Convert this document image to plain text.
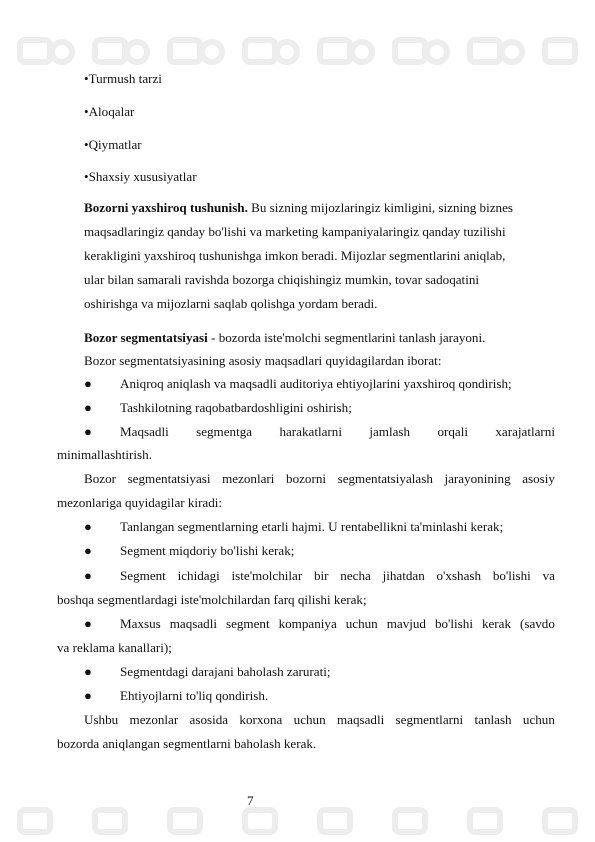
•Turmush tarzi
•Aloqalar
•Qiymatlar
•Shaxsiy xususiyatlar
Bozorni yaxshiroq tushunish. Bu sizning mijozlaringiz kimligini, sizning biznes
maqsadlaringiz qanday bo'lishi va marketing kampaniyalaringiz qanday tuzilishi
kerakligini yaxshiroq tushunishga imkon beradi. Mijozlar segmentlarini aniqlab,
ular bilan samarali ravishda bozorga chiqishingiz mumkin, tovar sadoqatini
oshirishga va mijozlarni saqlab qolishga yordam beradi.
Bozor segmentatsiyasi - bozorda iste'molchi segmentlarini tanlash jarayoni.
Bozor segmentatsiyasining asosiy maqsadlari quyidagilardan iborat:
● Aniqroq aniqlash va maqsadli auditoriya ehtiyojlarini yaxshiroq qondirish;
● Tashkilotning raqobatbardoshligini oshirish;
● Maqsadli segmentga harakatlarni jamlash orqali xarajatlarni
minimallashtirish.
Bozor segmentatsiyasi mezonlari bozorni segmentatsiyalash jarayonining asosiy
mezonlariga quyidagilar kiradi:
● Tanlangan segmentlarning etarli hajmi. U rentabellikni ta'minlashi kerak;
● Segment miqdoriy bo'lishi kerak;
● Segment ichidagi iste'molchilar bir necha jihatdan o'xshash bo'lishi va
boshqa segmentlardagi iste'molchilardan farq qilishi kerak;
● Maxsus maqsadli segment kompaniya uchun mavjud bo'lishi kerak (savdo
va reklama kanallari);
● Segmentdagi darajani baholash zarurati;
● Ehtiyojlarni to'liq qondirish.
Ushbu mezonlar asosida korxona uchun maqsadli segmentlarni tanlash uchun
bozorda aniqlangan segmentlarni baholash kerak.
7
